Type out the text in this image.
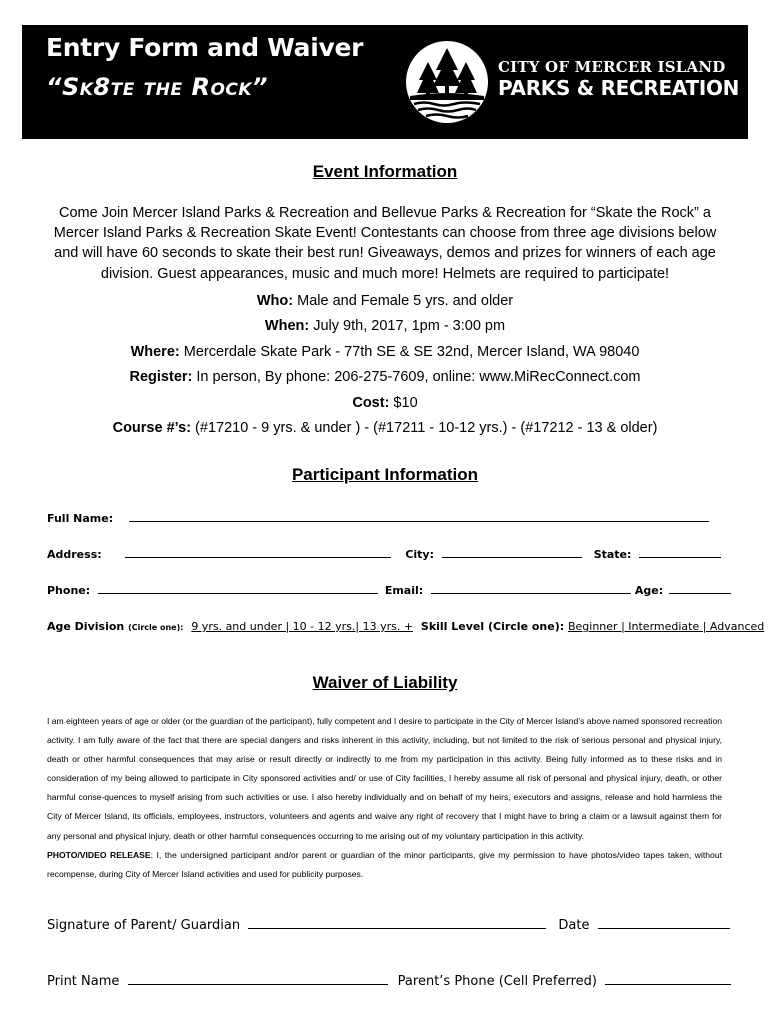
Entry Form and Waiver
“Sk8te the Rock”
CITY OF MERCER ISLAND
PARKS & RECREATION
Event Information
Come Join Mercer Island Parks & Recreation and Bellevue Parks & Recreation for “Skate the Rock” a Mercer Island Parks & Recreation Skate Event! Contestants can choose from three age divisions below and will have 60 seconds to skate their best run! Giveaways, demos and prizes for winners of each age division. Guest appearances, music and much more! Helmets are required to participate!
Who: Male and Female 5 yrs. and older
When: July 9th, 2017, 1pm - 3:00 pm
Where: Mercerdale Skate Park - 77th SE & SE 32nd, Mercer Island, WA 98040
Register: In person, By phone: 206-275-7609, online: www.MiRecConnect.com
Cost: $10
Course #’s: (#17210 - 9 yrs. & under ) - (#17211 - 10-12 yrs.) - (#17212 - 13 & older)
Participant Information
Full Name:
Address:	City:	State:
Phone:	Email:	Age:
Age Division (Circle one): 9 yrs. and under | 10 - 12 yrs.| 13 yrs. + Skill Level (Circle one): Beginner | Intermediate | Advanced
Waiver of Liability
I am eighteen years of age or older (or the guardian of the participant), fully competent and I desire to participate in the City of Mercer Island’s above named sponsored recreation activity. I am fully aware of the fact that there are special dangers and risks inherent in this activity, including, but not limited to the risk of serious personal and physical injury, death or other harmful consequences that may arise or result directly or indirectly to me from my participation in this activity. Being fully informed as to these risks and in consideration of my being allowed to participate in City sponsored activities and/ or use of City facilities, I hereby assume all risk of personal and physical injury, death, or other harmful conse-quences to myself arising from such activities or use. I also hereby individually and on behalf of my heirs, executors and assigns, release and hold harmless the City of Mercer Island, its officials, employees, instructors, volunteers and agents and waive any right of recovery that I might have to bring a claim or a lawsuit against them for any personal and physical injury, death or other harmful consequences occurring to me arising out of my voluntary participation in this activity.
PHOTO/VIDEO RELEASE: I, the undersigned participant and/or parent or guardian of the minor participants, give my permission to have photos/video tapes taken, without recompense, during City of Mercer Island activities and used for publicity purposes.
Signature of Parent/ Guardian	Date
Print Name	Parent’s Phone (Cell Preferred)
